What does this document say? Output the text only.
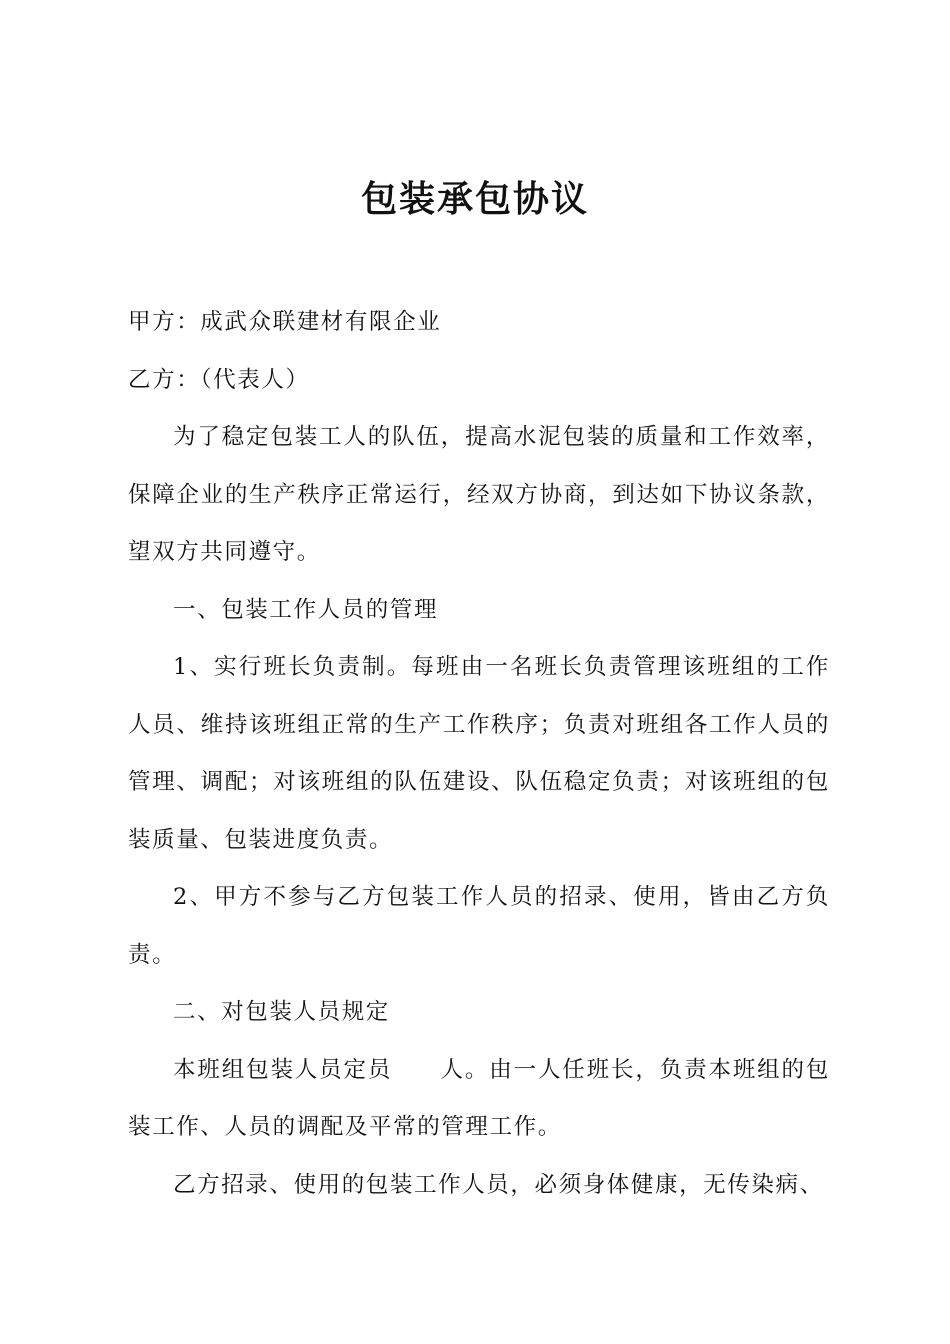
包装承包协议

甲方：成武众联建材有限企业

乙方：（代表人）

为了稳定包装工人的队伍，提高水泥包装的质量和工作效率，保障企业的生产秩序正常运行，经双方协商，到达如下协议条款，望双方共同遵守。

一、包装工作人员的管理

1、实行班长负责制。每班由一名班长负责管理该班组的工作人员、维持该班组正常的生产工作秩序；负责对班组各工作人员的管理、调配；对该班组的队伍建设、队伍稳定负责；对该班组的包装质量、包装进度负责。

2、甲方不参与乙方包装工作人员的招录、使用，皆由乙方负责。

二、对包装人员规定

本班组包装人员定员 人。由一人任班长，负责本班组的包装工作、人员的调配及平常的管理工作。

乙方招录、使用的包装工作人员，必须身体健康，无传染病、
